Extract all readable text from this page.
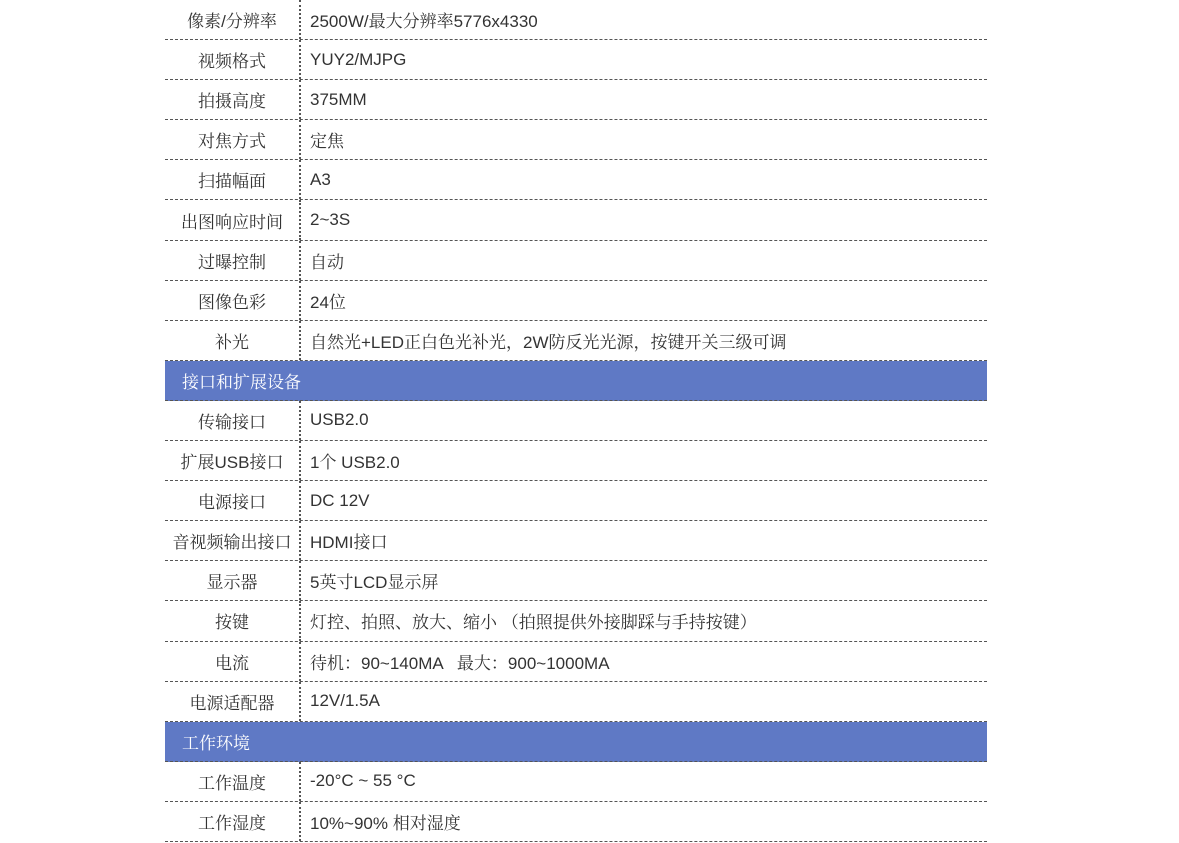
像素/分辨率	2500W/最大分辨率5776x4330
视频格式	YUY2/MJPG
拍摄高度	375MM
对焦方式	定焦
扫描幅面	A3
出图响应时间	2~3S
过曝控制	自动
图像色彩	24位
补光	自然光+LED正白色光补光，2W防反光光源，按键开关三级可调
接口和扩展设备
传输接口	USB2.0
扩展USB接口	1个 USB2.0
电源接口	DC 12V
音视频输出接口	HDMI接口
显示器	5英寸LCD显示屏
按键	灯控、拍照、放大、缩小 （拍照提供外接脚踩与手持按键）
电流	待机：90~140MA   最大：900~1000MA
电源适配器	12V/1.5A
工作环境
工作温度	-20°C ~ 55 °C
工作湿度	10%~90% 相对湿度
